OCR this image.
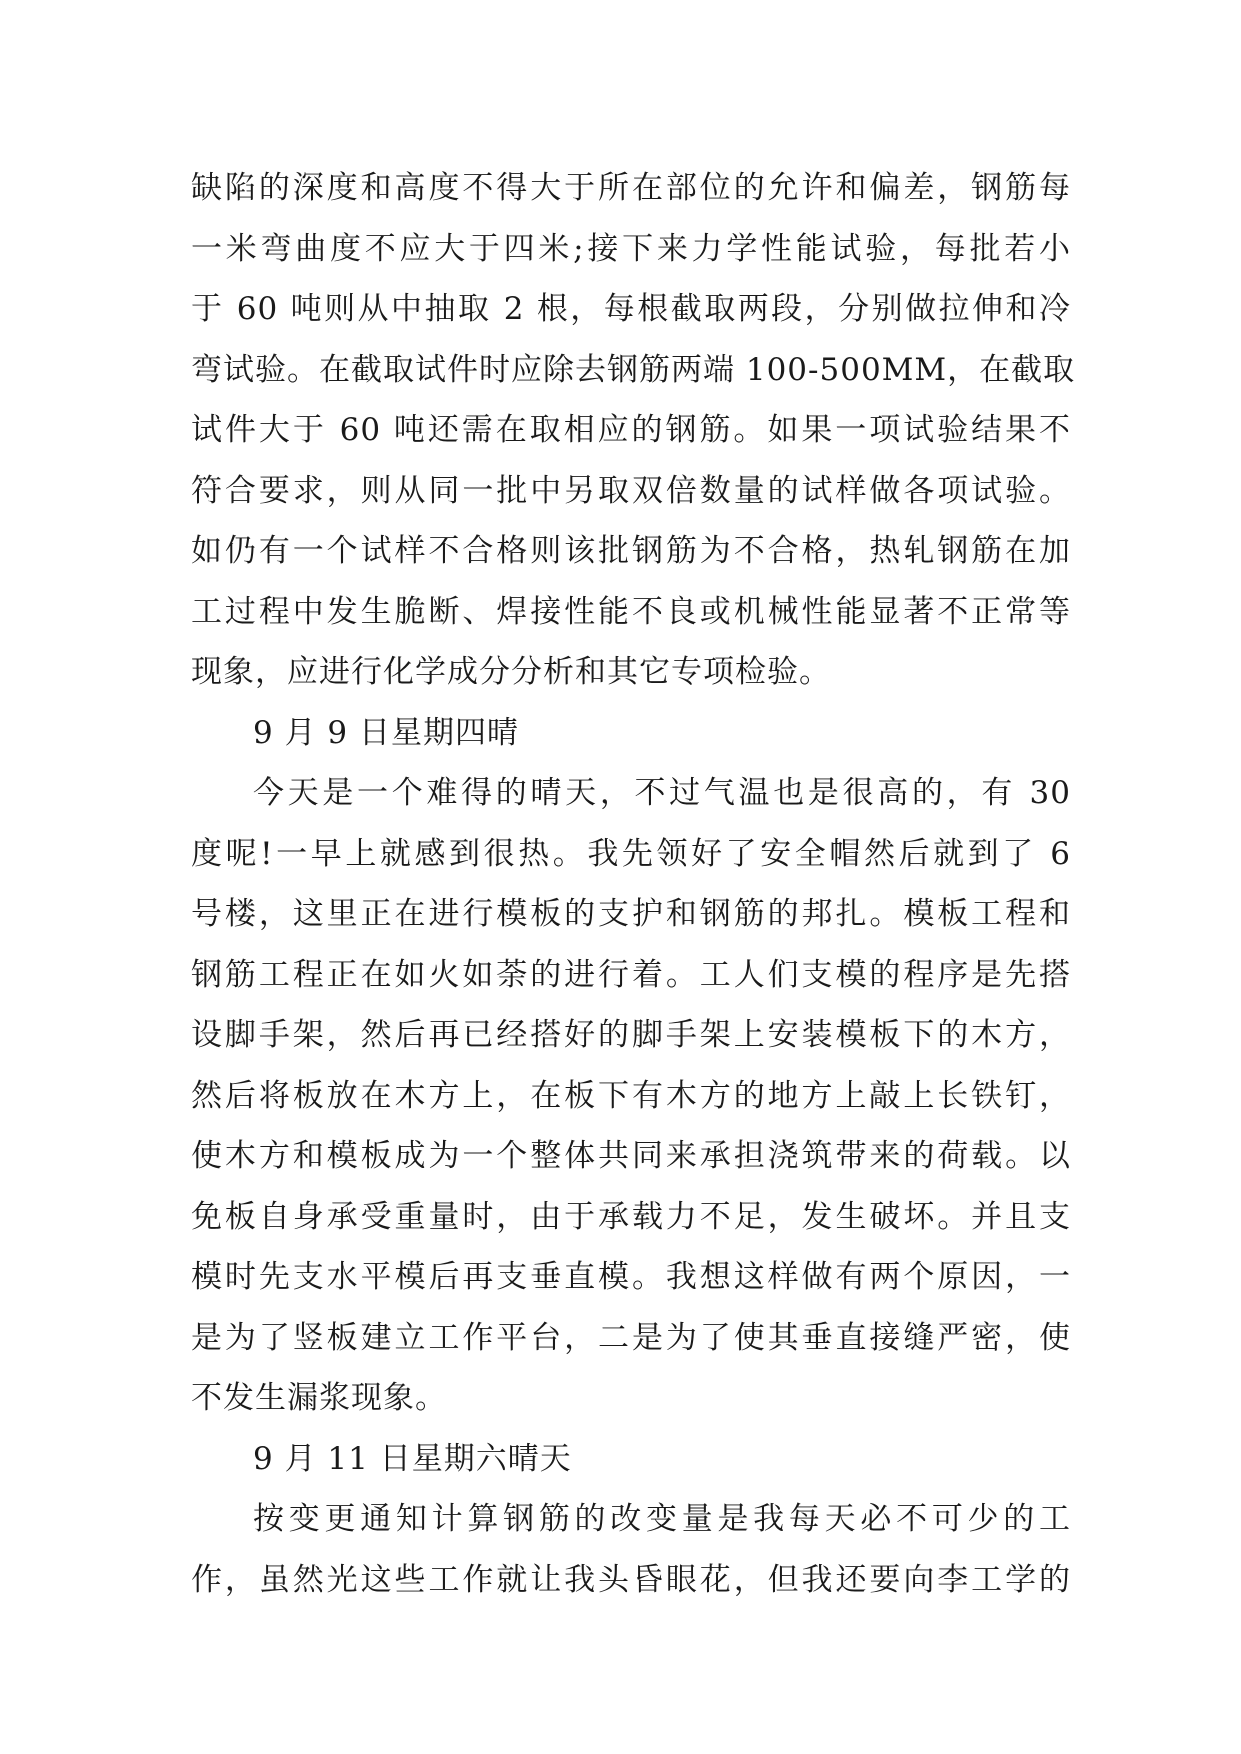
缺陷的深度和高度不得大于所在部位的允许和偏差，钢筋每
一米弯曲度不应大于四米;接下来力学性能试验，每批若小
于 60 吨则从中抽取 2 根，每根截取两段，分别做拉伸和冷
弯试验。在截取试件时应除去钢筋两端 100-500MM，在截取
试件大于 60 吨还需在取相应的钢筋。如果一项试验结果不
符合要求，则从同一批中另取双倍数量的试样做各项试验。
如仍有一个试样不合格则该批钢筋为不合格，热轧钢筋在加
工过程中发生脆断、焊接性能不良或机械性能显著不正常等
现象，应进行化学成分分析和其它专项检验。
9 月 9 日星期四晴
今天是一个难得的晴天，不过气温也是很高的，有 30
度呢!一早上就感到很热。我先领好了安全帽然后就到了 6
号楼，这里正在进行模板的支护和钢筋的邦扎。模板工程和
钢筋工程正在如火如荼的进行着。工人们支模的程序是先搭
设脚手架，然后再已经搭好的脚手架上安装模板下的木方，
然后将板放在木方上，在板下有木方的地方上敲上长铁钉，
使木方和模板成为一个整体共同来承担浇筑带来的荷载。以
免板自身承受重量时，由于承载力不足，发生破坏。并且支
模时先支水平模后再支垂直模。我想这样做有两个原因，一
是为了竖板建立工作平台，二是为了使其垂直接缝严密，使
不发生漏浆现象。
9 月 11 日星期六晴天
按变更通知计算钢筋的改变量是我每天必不可少的工
作，虽然光这些工作就让我头昏眼花，但我还要向李工学的
